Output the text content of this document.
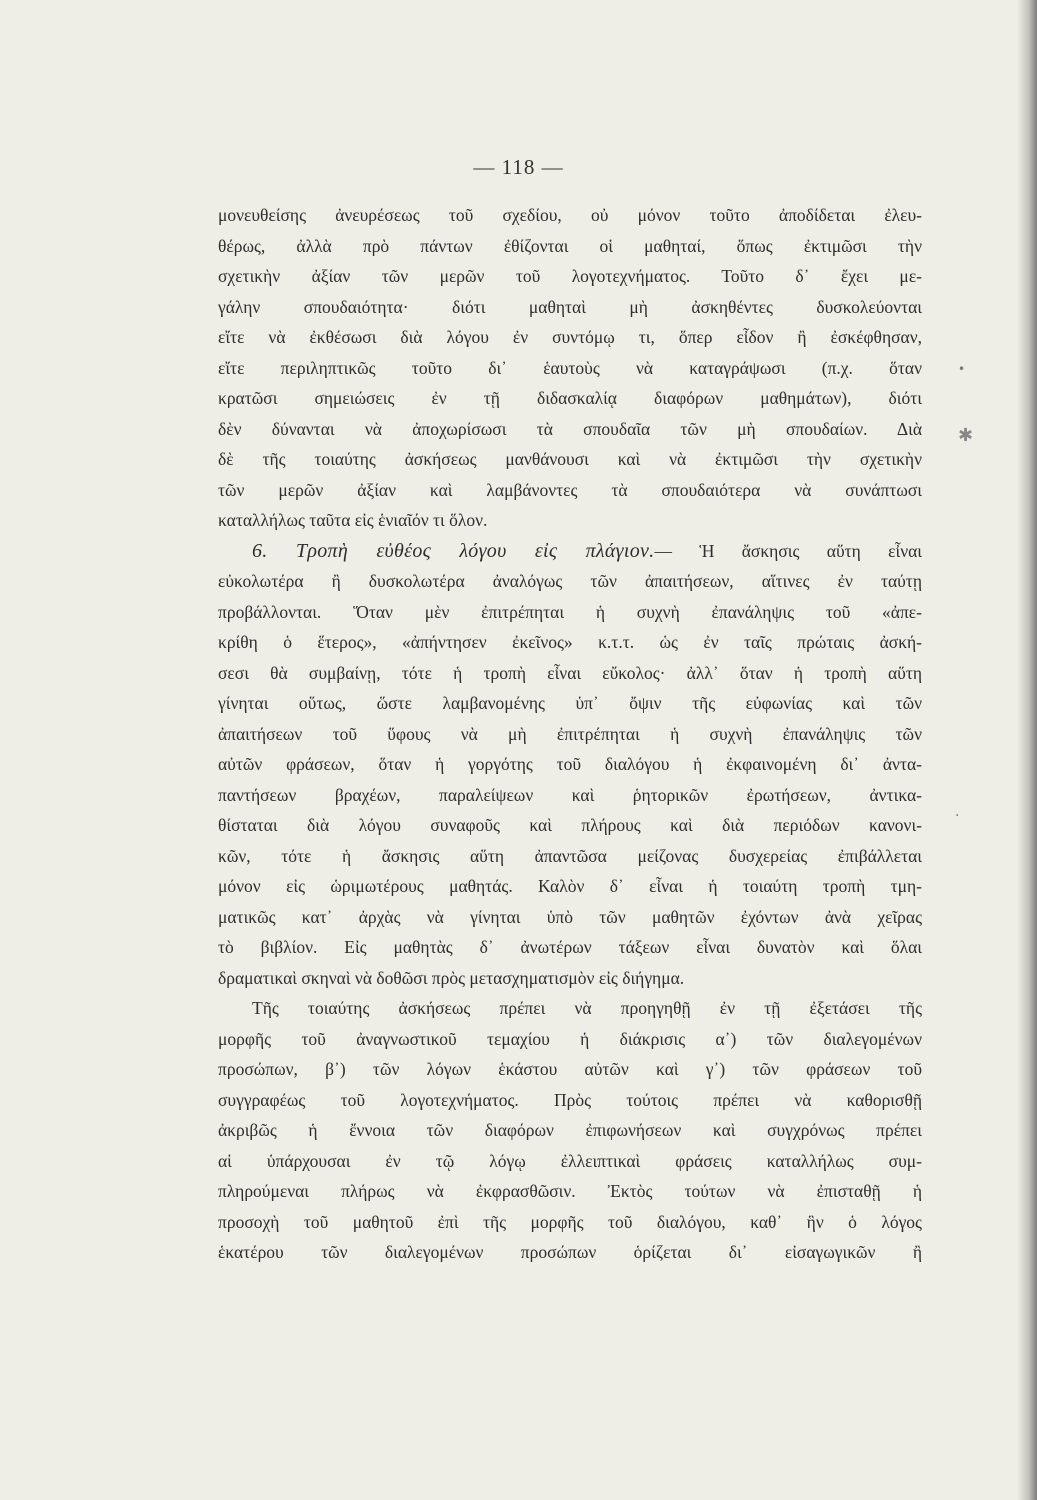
— 118 —
μονευθείσης ἀνευρέσεως τοῦ σχεδίου, οὐ μόνον τοῦτο ἀποδίδεται ἐλευ-
θέρως, ἀλλὰ πρὸ πάντων ἐθίζονται οἱ μαθηταί, ὅπως ἐκτιμῶσι τὴν
σχετικὴν ἀξίαν τῶν μερῶν τοῦ λογοτεχνήματος. Τοῦτο δ᾽ ἔχει με-
γάλην σπουδαιότητα· διότι μαθηταὶ μὴ ἀσκηθέντες δυσκολεύονται
εἴτε νὰ ἐκθέσωσι διὰ λόγου ἐν συντόμῳ τι, ὅπερ εἶδον ἢ ἐσκέφθησαν,
εἴτε περιληπτικῶς τοῦτο δι᾽ ἑαυτοὺς νὰ καταγράψωσι (π.χ. ὅταν
κρατῶσι σημειώσεις ἐν τῇ διδασκαλίᾳ διαφόρων μαθημάτων), διότι
δὲν δύνανται νὰ ἀποχωρίσωσι τὰ σπουδαῖα τῶν μὴ σπουδαίων. Διὰ
δὲ τῆς τοιαύτης ἀσκήσεως μανθάνουσι καὶ νὰ ἐκτιμῶσι τὴν σχετικὴν
τῶν μερῶν ἀξίαν καὶ λαμβάνοντες τὰ σπουδαιότερα νὰ συνάπτωσι
καταλλήλως ταῦτα εἰς ἑνιαῖόν τι ὅλον.
6. Τροπὴ εὐθέος λόγου εἰς πλάγιον.— Ἡ ἄσκησις αὕτη εἶναι
εὐκολωτέρα ἢ δυσκολωτέρα ἀναλόγως τῶν ἀπαιτήσεων, αἵτινες ἐν ταύτῃ
προβάλλονται. Ὅταν μὲν ἐπιτρέπηται ἡ συχνὴ ἐπανάληψις τοῦ «ἀπε-
κρίθη ὁ ἕτερος», «ἀπήντησεν ἐκεῖνος» κ.τ.τ. ὡς ἐν ταῖς πρώταις ἀσκή-
σεσι θὰ συμβαίνῃ, τότε ἡ τροπὴ εἶναι εὔκολος· ἀλλ᾽ ὅταν ἡ τροπὴ αὕτη
γίνηται οὕτως, ὥστε λαμβανομένης ὑπ᾽ ὄψιν τῆς εὐφωνίας καὶ τῶν
ἀπαιτήσεων τοῦ ὕφους νὰ μὴ ἐπιτρέπηται ἡ συχνὴ ἐπανάληψις τῶν
αὐτῶν φράσεων, ὅταν ἡ γοργότης τοῦ διαλόγου ἡ ἐκφαινομένη δι᾽ ἀντα-
παντήσεων βραχέων, παραλείψεων καὶ ῥητορικῶν ἐρωτήσεων, ἀντικα-
θίσταται διὰ λόγου συναφοῦς καὶ πλήρους καὶ διὰ περιόδων κανονι-
κῶν, τότε ἡ ἄσκησις αὕτη ἀπαντῶσα μείζονας δυσχερείας ἐπιβάλλεται
μόνον εἰς ὡριμωτέρους μαθητάς. Καλὸν δ᾽ εἶναι ἡ τοιαύτη τροπὴ τμη-
ματικῶς κατ᾽ ἀρχὰς νὰ γίνηται ὑπὸ τῶν μαθητῶν ἐχόντων ἀνὰ χεῖρας
τὸ βιβλίον. Εἰς μαθητὰς δ᾽ ἀνωτέρων τάξεων εἶναι δυνατὸν καὶ ὅλαι
δραματικαὶ σκηναὶ νὰ δοθῶσι πρὸς μετασχηματισμὸν εἰς διήγημα.
Τῆς τοιαύτης ἀσκήσεως πρέπει νὰ προηγηθῇ ἐν τῇ ἐξετάσει τῆς
μορφῆς τοῦ ἀναγνωστικοῦ τεμαχίου ἡ διάκρισις α᾽) τῶν διαλεγομένων
προσώπων, β᾽) τῶν λόγων ἑκάστου αὐτῶν καὶ γ᾽) τῶν φράσεων τοῦ
συγγραφέως τοῦ λογοτεχνήματος. Πρὸς τούτοις πρέπει νὰ καθορισθῇ
ἀκριβῶς ἡ ἔννοια τῶν διαφόρων ἐπιφωνήσεων καὶ συγχρόνως πρέπει
αἱ ὑπάρχουσαι ἐν τῷ λόγῳ ἐλλειπτικαὶ φράσεις καταλλήλως συμ-
πληρούμεναι πλήρως νὰ ἐκφρασθῶσιν. Ἐκτὸς τούτων νὰ ἐπισταθῇ ἡ
προσοχὴ τοῦ μαθητοῦ ἐπὶ τῆς μορφῆς τοῦ διαλόγου, καθ᾽ ἣν ὁ λόγος
ἑκατέρου τῶν διαλεγομένων προσώπων ὁρίζεται δι᾽ εἰσαγωγικῶν ἢ
•
✱
·
